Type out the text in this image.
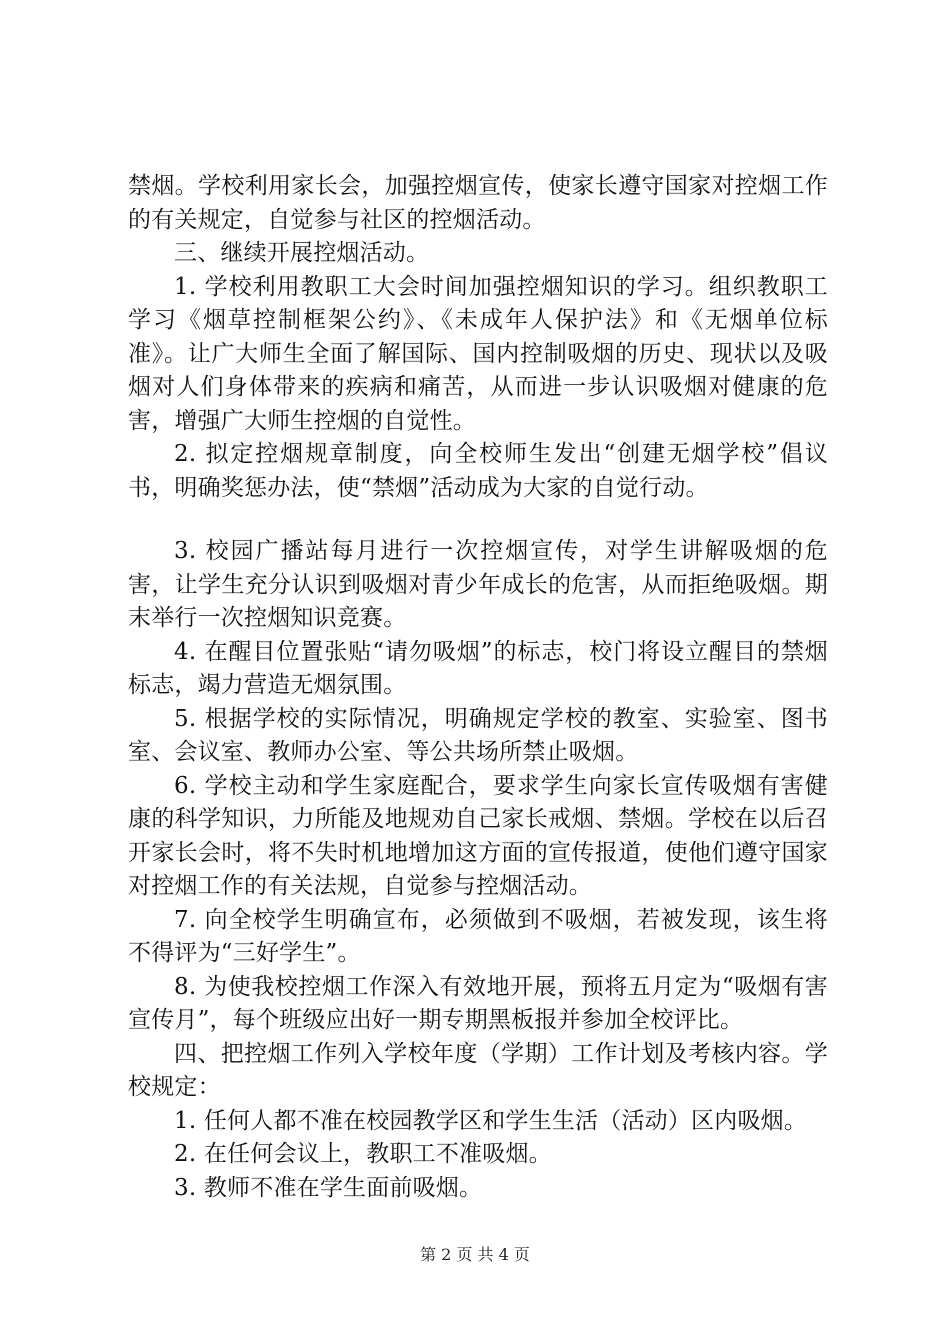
禁烟。学校利用家长会，加强控烟宣传，使家长遵守国家对控烟工作的有关规定，自觉参与社区的控烟活动。

三、继续开展控烟活动。

1. 学校利用教职工大会时间加强控烟知识的学习。组织教职工学习《烟草控制框架公约》、《未成年人保护法》和《无烟单位标准》。让广大师生全面了解国际、国内控制吸烟的历史、现状以及吸烟对人们身体带来的疾病和痛苦，从而进一步认识吸烟对健康的危害，增强广大师生控烟的自觉性。

2. 拟定控烟规章制度，向全校师生发出“创建无烟学校”倡议书，明确奖惩办法，使“禁烟”活动成为大家的自觉行动。

3. 校园广播站每月进行一次控烟宣传，对学生讲解吸烟的危害，让学生充分认识到吸烟对青少年成长的危害，从而拒绝吸烟。期末举行一次控烟知识竞赛。

4. 在醒目位置张贴“请勿吸烟”的标志，校门将设立醒目的禁烟标志，竭力营造无烟氛围。

5. 根据学校的实际情况，明确规定学校的教室、实验室、图书室、会议室、教师办公室、等公共场所禁止吸烟。

6. 学校主动和学生家庭配合，要求学生向家长宣传吸烟有害健康的科学知识，力所能及地规劝自己家长戒烟、禁烟。学校在以后召开家长会时，将不失时机地增加这方面的宣传报道，使他们遵守国家对控烟工作的有关法规，自觉参与控烟活动。

7. 向全校学生明确宣布，必须做到不吸烟，若被发现，该生将不得评为“三好学生”。

8. 为使我校控烟工作深入有效地开展，预将五月定为“吸烟有害宣传月”，每个班级应出好一期专期黑板报并参加全校评比。

四、把控烟工作列入学校年度（学期）工作计划及考核内容。学校规定：

1. 任何人都不准在校园教学区和学生生活（活动）区内吸烟。

2. 在任何会议上，教职工不准吸烟。

3. 教师不准在学生面前吸烟。

第 2 页 共 4 页
